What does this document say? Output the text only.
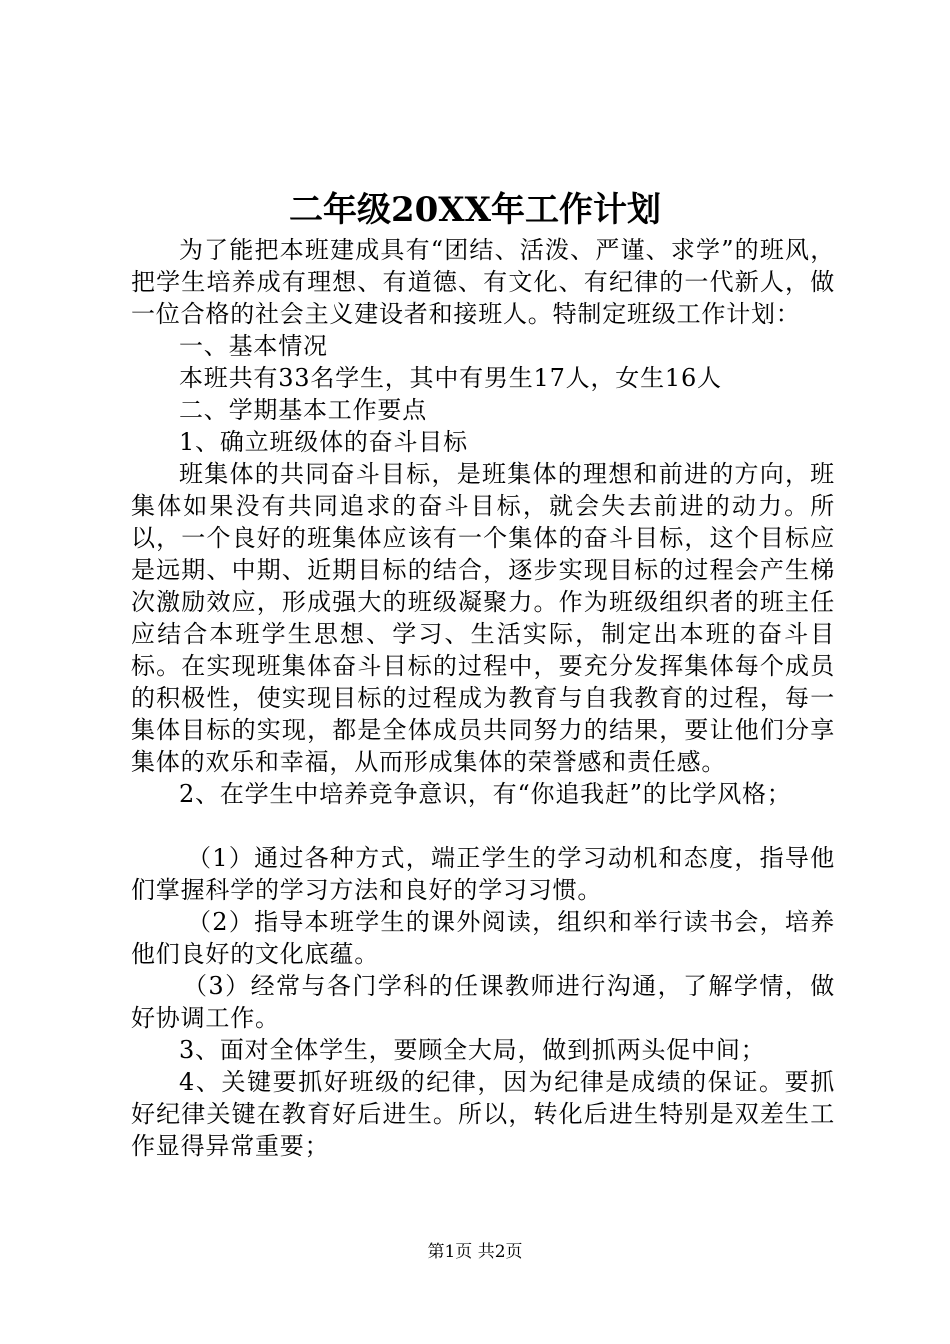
二年级20XX年工作计划

为了能把本班建成具有“团结、活泼、严谨、求学”的班风，把学生培养成有理想、有道德、有文化、有纪律的一代新人，做一位合格的社会主义建设者和接班人。特制定班级工作计划：

一、基本情况

本班共有33名学生，其中有男生17人，女生16人

二、学期基本工作要点

1、确立班级体的奋斗目标

班集体的共同奋斗目标，是班集体的理想和前进的方向，班集体如果没有共同追求的奋斗目标，就会失去前进的动力。所以，一个良好的班集体应该有一个集体的奋斗目标，这个目标应是远期、中期、近期目标的结合，逐步实现目标的过程会产生梯次激励效应，形成强大的班级凝聚力。作为班级组织者的班主任应结合本班学生思想、学习、生活实际，制定出本班的奋斗目标。在实现班集体奋斗目标的过程中，要充分发挥集体每个成员的积极性，使实现目标的过程成为教育与自我教育的过程，每一集体目标的实现，都是全体成员共同努力的结果，要让他们分享集体的欢乐和幸福，从而形成集体的荣誉感和责任感。

2、在学生中培养竞争意识，有“你追我赶”的比学风格；

（1）通过各种方式，端正学生的学习动机和态度，指导他们掌握科学的学习方法和良好的学习习惯。

（2）指导本班学生的课外阅读，组织和举行读书会，培养他们良好的文化底蕴。

（3）经常与各门学科的任课教师进行沟通，了解学情，做好协调工作。

3、面对全体学生，要顾全大局，做到抓两头促中间；

4、关键要抓好班级的纪律，因为纪律是成绩的保证。要抓好纪律关键在教育好后进生。所以，转化后进生特别是双差生工作显得异常重要；

第1页 共2页
